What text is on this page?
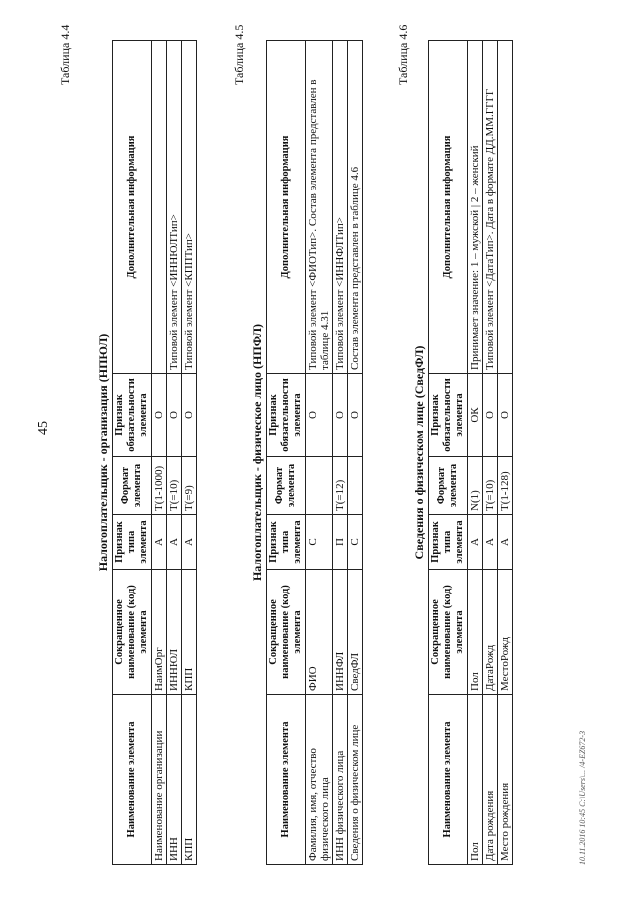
45
Таблица 4.4
Налогоплательщик - организация (НПЮЛ)
Наименование элемента	Сокращенное наименование (код) элемента	Признак типа элемента	Формат элемента	Признак обязательности элемента	Дополнительная информация
Наименование организации	НаимОрг	А	T(1-1000)	О	
ИНН	ИННЮЛ	А	T(=10)	О	Типовой элемент <ИННЮЛТип>
КПП	КПП	А	T(=9)	О	Типовой элемент <КППТип>
Таблица 4.5
Налогоплательщик - физическое лицо (НПФЛ)
Наименование элемента	Сокращенное наименование (код) элемента	Признак типа элемента	Формат элемента	Признак обязательности элемента	Дополнительная информация
Фамилия, имя, отчество физического лица	ФИО	С		О	Типовой элемент <ФИОТип>. Состав элемента представлен в таблице 4.31
ИНН физического лица	ИННФЛ	П	T(=12)	О	Типовой элемент <ИННФЛТип>
Сведения о физическом лице	СведФЛ	С		О	Состав элемента представлен в таблице 4.6
Таблица 4.6
Сведения о физическом лице (СведФЛ)
Наименование элемента	Сокращенное наименование (код) элемента	Признак типа элемента	Формат элемента	Признак обязательности элемента	Дополнительная информация
Пол	Пол	А	N(1)	ОК	Принимает значение: 1 – мужской | 2 – женский
Дата рождения	ДатаРожд	А	T(=10)	О	Типовой элемент <ДатаТип>. Дата в формате ДД.ММ.ГГГГ
Место рождения	МестоРожд	А	T(1-128)	О	
10.11.2016 10:45 C:\Users\... /4-EZ672-3
